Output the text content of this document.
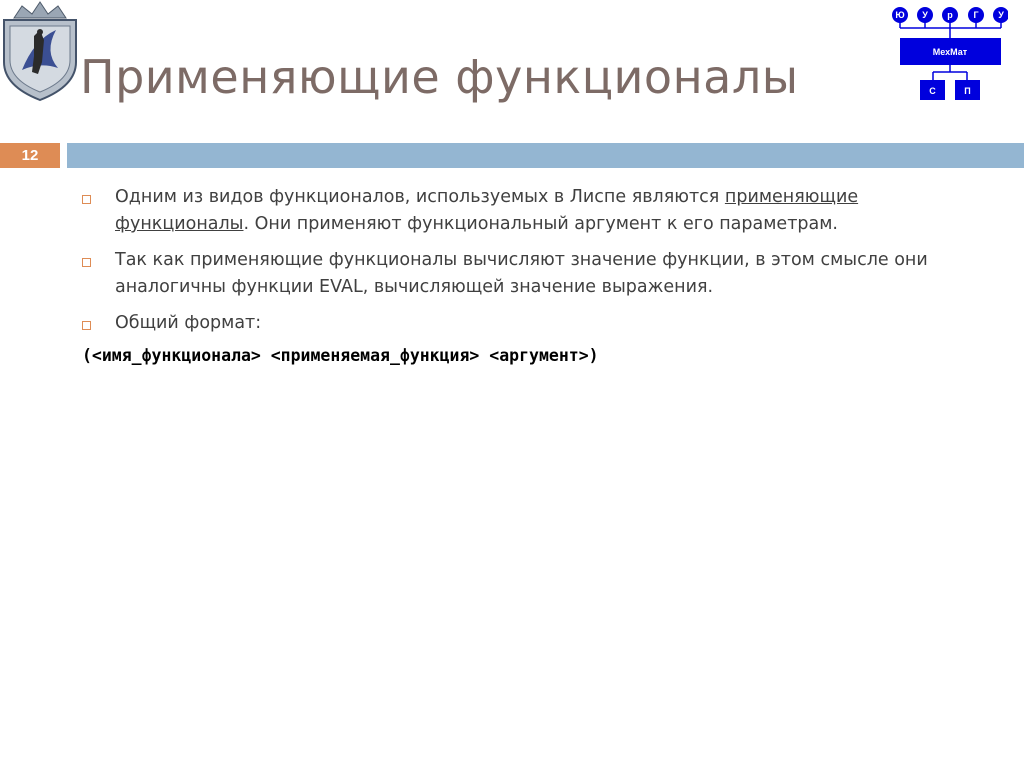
Применяющие функционалы
Ю У р Г У
МехМат
С	П
12
Одним из видов функционалов, используемых в Лиспе являются применяющие функционалы. Они применяют функциональный аргумент к его параметрам.
Так как применяющие функционалы вычисляют значение функции, в этом смысле они аналогичны функции EVAL, вычисляющей значение выражения.
Общий формат:
(<имя_функционала> <применяемая_функция> <аргумент>)
